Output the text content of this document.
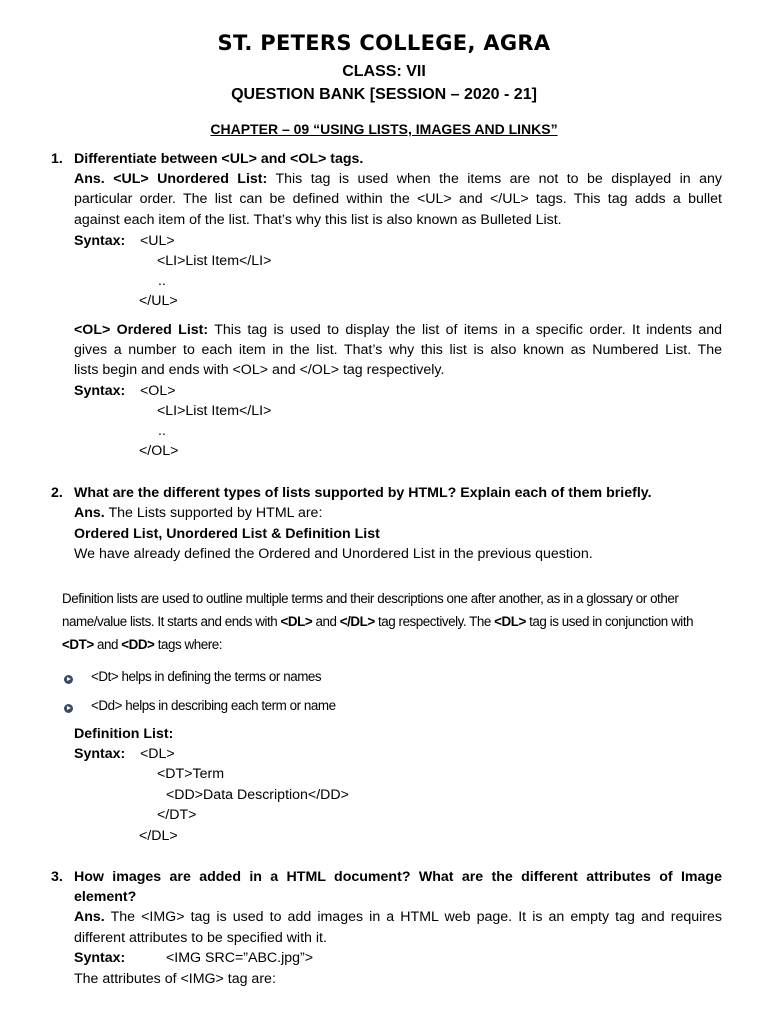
ST. PETERS COLLEGE, AGRA
CLASS: VII
QUESTION BANK [SESSION – 2020 - 21]
CHAPTER – 09 “USING LISTS, IMAGES AND LINKS”
1. Differentiate between <UL> and <OL> tags.
Ans. <UL> Unordered List: This tag is used when the items are not to be displayed in any
particular order. The list can be defined within the <UL> and </UL> tags. This tag adds a bullet
against each item of the list. That’s why this list is also known as Bulleted List.
Syntax: <UL>
<LI>List Item</LI>
..
</UL>
<OL> Ordered List: This tag is used to display the list of items in a specific order. It indents and
gives a number to each item in the list. That’s why this list is also known as Numbered List. The
lists begin and ends with <OL> and </OL> tag respectively.
Syntax: <OL>
<LI>List Item</LI>
..
</OL>
2. What are the different types of lists supported by HTML? Explain each of them briefly.
Ans. The Lists supported by HTML are:
Ordered List, Unordered List & Definition List
We have already defined the Ordered and Unordered List in the previous question.
Definition lists are used to outline multiple terms and their descriptions one after another, as in a glossary or other
name/value lists. It starts and ends with <DL> and </DL> tag respectively. The <DL> tag is used in conjunction with
<DT> and <DD> tags where:
<Dt> helps in defining the terms or names
<Dd> helps in describing each term or name
Definition List:
Syntax: <DL>
<DT>Term
<DD>Data Description</DD>
</DT>
</DL>
3. How images are added in a HTML document? What are the different attributes of Image
element?
Ans. The <IMG> tag is used to add images in a HTML web page. It is an empty tag and requires
different attributes to be specified with it.
Syntax:	<IMG SRC=”ABC.jpg”>
The attributes of <IMG> tag are:
